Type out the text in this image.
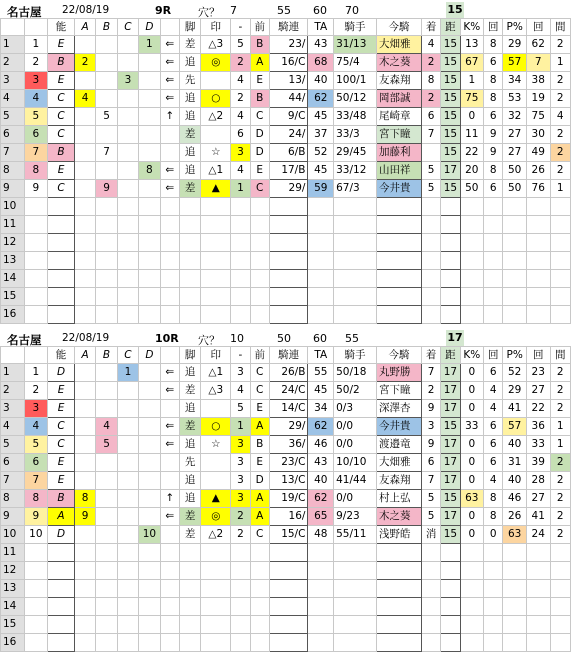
名古屋 22/08/19	9R 穴？ 7	55 60 70	15
		能	A	B	C	D		脚	印	-	前	騎連	TA	騎手	今騎	着	距	K%	回	P%	回	間
1	1	E				1	⇐	差	△3	5	B	23/	43	31/13	大畑雅	4	15	13	8	29	62	2
2	2	B	2				⇐	追	◎	2	A	16/C	68	75/4	木之葵	2	15	67	6	57	7	1
3	3	E			3		⇐	先		4	E	13/	40	100/1	友森翔	8	15	1	8	34	38	2
4	4	C	4				⇐	追	○	2	B	44/	62	50/12	岡部誠	2	15	75	8	53	19	2
5	5	C		5			↑	追	△2	4	C	9/C	45	33/48	尾崎章	6	15	0	6	32	75	4
6	6	C						差		6	D	24/	37	33/3	宮下瞳	7	15	11	9	27	30	2
7	7	B		7				追	☆	3	D	6/B	52	29/45	加藤利		15	22	9	27	49	2
8	8	E				8	⇐	追	△1	4	E	17/B	45	33/12	山田祥	5	17	20	8	50	26	2
9	9	C		9			⇐	差	▲	1	C	29/	59	67/3	今井貴	5	15	50	6	50	76	1
10																						
11																						
12																						
13																						
14																						
15																						
16																						
名古屋 22/08/19	10R 穴？ 10	50 60 55	17
		能	A	B	C	D		脚	印	-	前	騎連	TA	騎手	今騎	着	距	K%	回	P%	回	間
1	1	D			1		⇐	追	△1	3	C	26/B	55	50/18	丸野勝	7	17	0	6	52	23	2
2	2	E					⇐	差	△3	4	C	24/C	45	50/2	宮下瞳	2	17	0	4	29	27	2
3	3	E						追		5	E	14/C	34	0/3	深澤杏	9	17	0	4	41	22	2
4	4	C		4			⇐	差	○	1	A	29/	62	0/0	今井貴	3	15	33	6	57	36	1
5	5	C		5			⇐	追	☆	3	B	36/	46	0/0	渡邉竜	9	17	0	6	40	33	1
6	6	E						先		3	E	23/C	43	10/10	大畑雅	6	17	0	6	31	39	2
7	7	E						追		3	D	13/C	40	41/44	友森翔	7	17	0	4	40	28	2
8	8	B	8				↑	追	▲	3	A	19/C	62	0/0	村上弘	5	15	63	8	46	27	2
9	9	A	9				⇐	差	◎	2	A	16/	65	9/23	木之葵	5	17	0	8	26	41	2
10	10	D				10		差	△2	2	C	15/C	48	55/11	浅野皓	消	15	0	0	63	24	2
11																						
12																						
13																						
14																						
15																						
16																						
